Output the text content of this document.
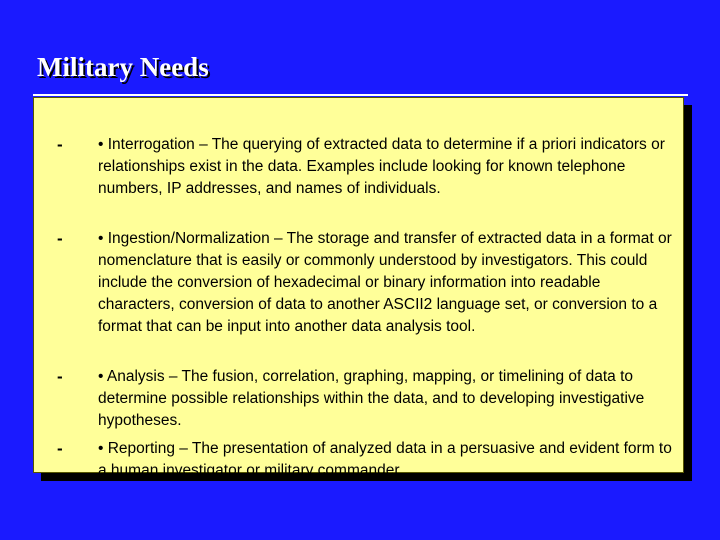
Military Needs
- • Interrogation – The querying of extracted data to determine if a priori indicators or relationships exist in the data. Examples include looking for known telephone numbers, IP addresses, and names of individuals.
- • Ingestion/Normalization – The storage and transfer of extracted data in a format or nomenclature that is easily or commonly understood by investigators. This could include the conversion of hexadecimal or binary information into readable characters, conversion of data to another ASCII2 language set, or conversion to a format that can be input into another data analysis tool.
- • Analysis – The fusion, correlation, graphing, mapping, or timelining of data to determine possible relationships within the data, and to developing investigative hypotheses.
- • Reporting – The presentation of analyzed data in a persuasive and evident form to a human investigator or military commander.
